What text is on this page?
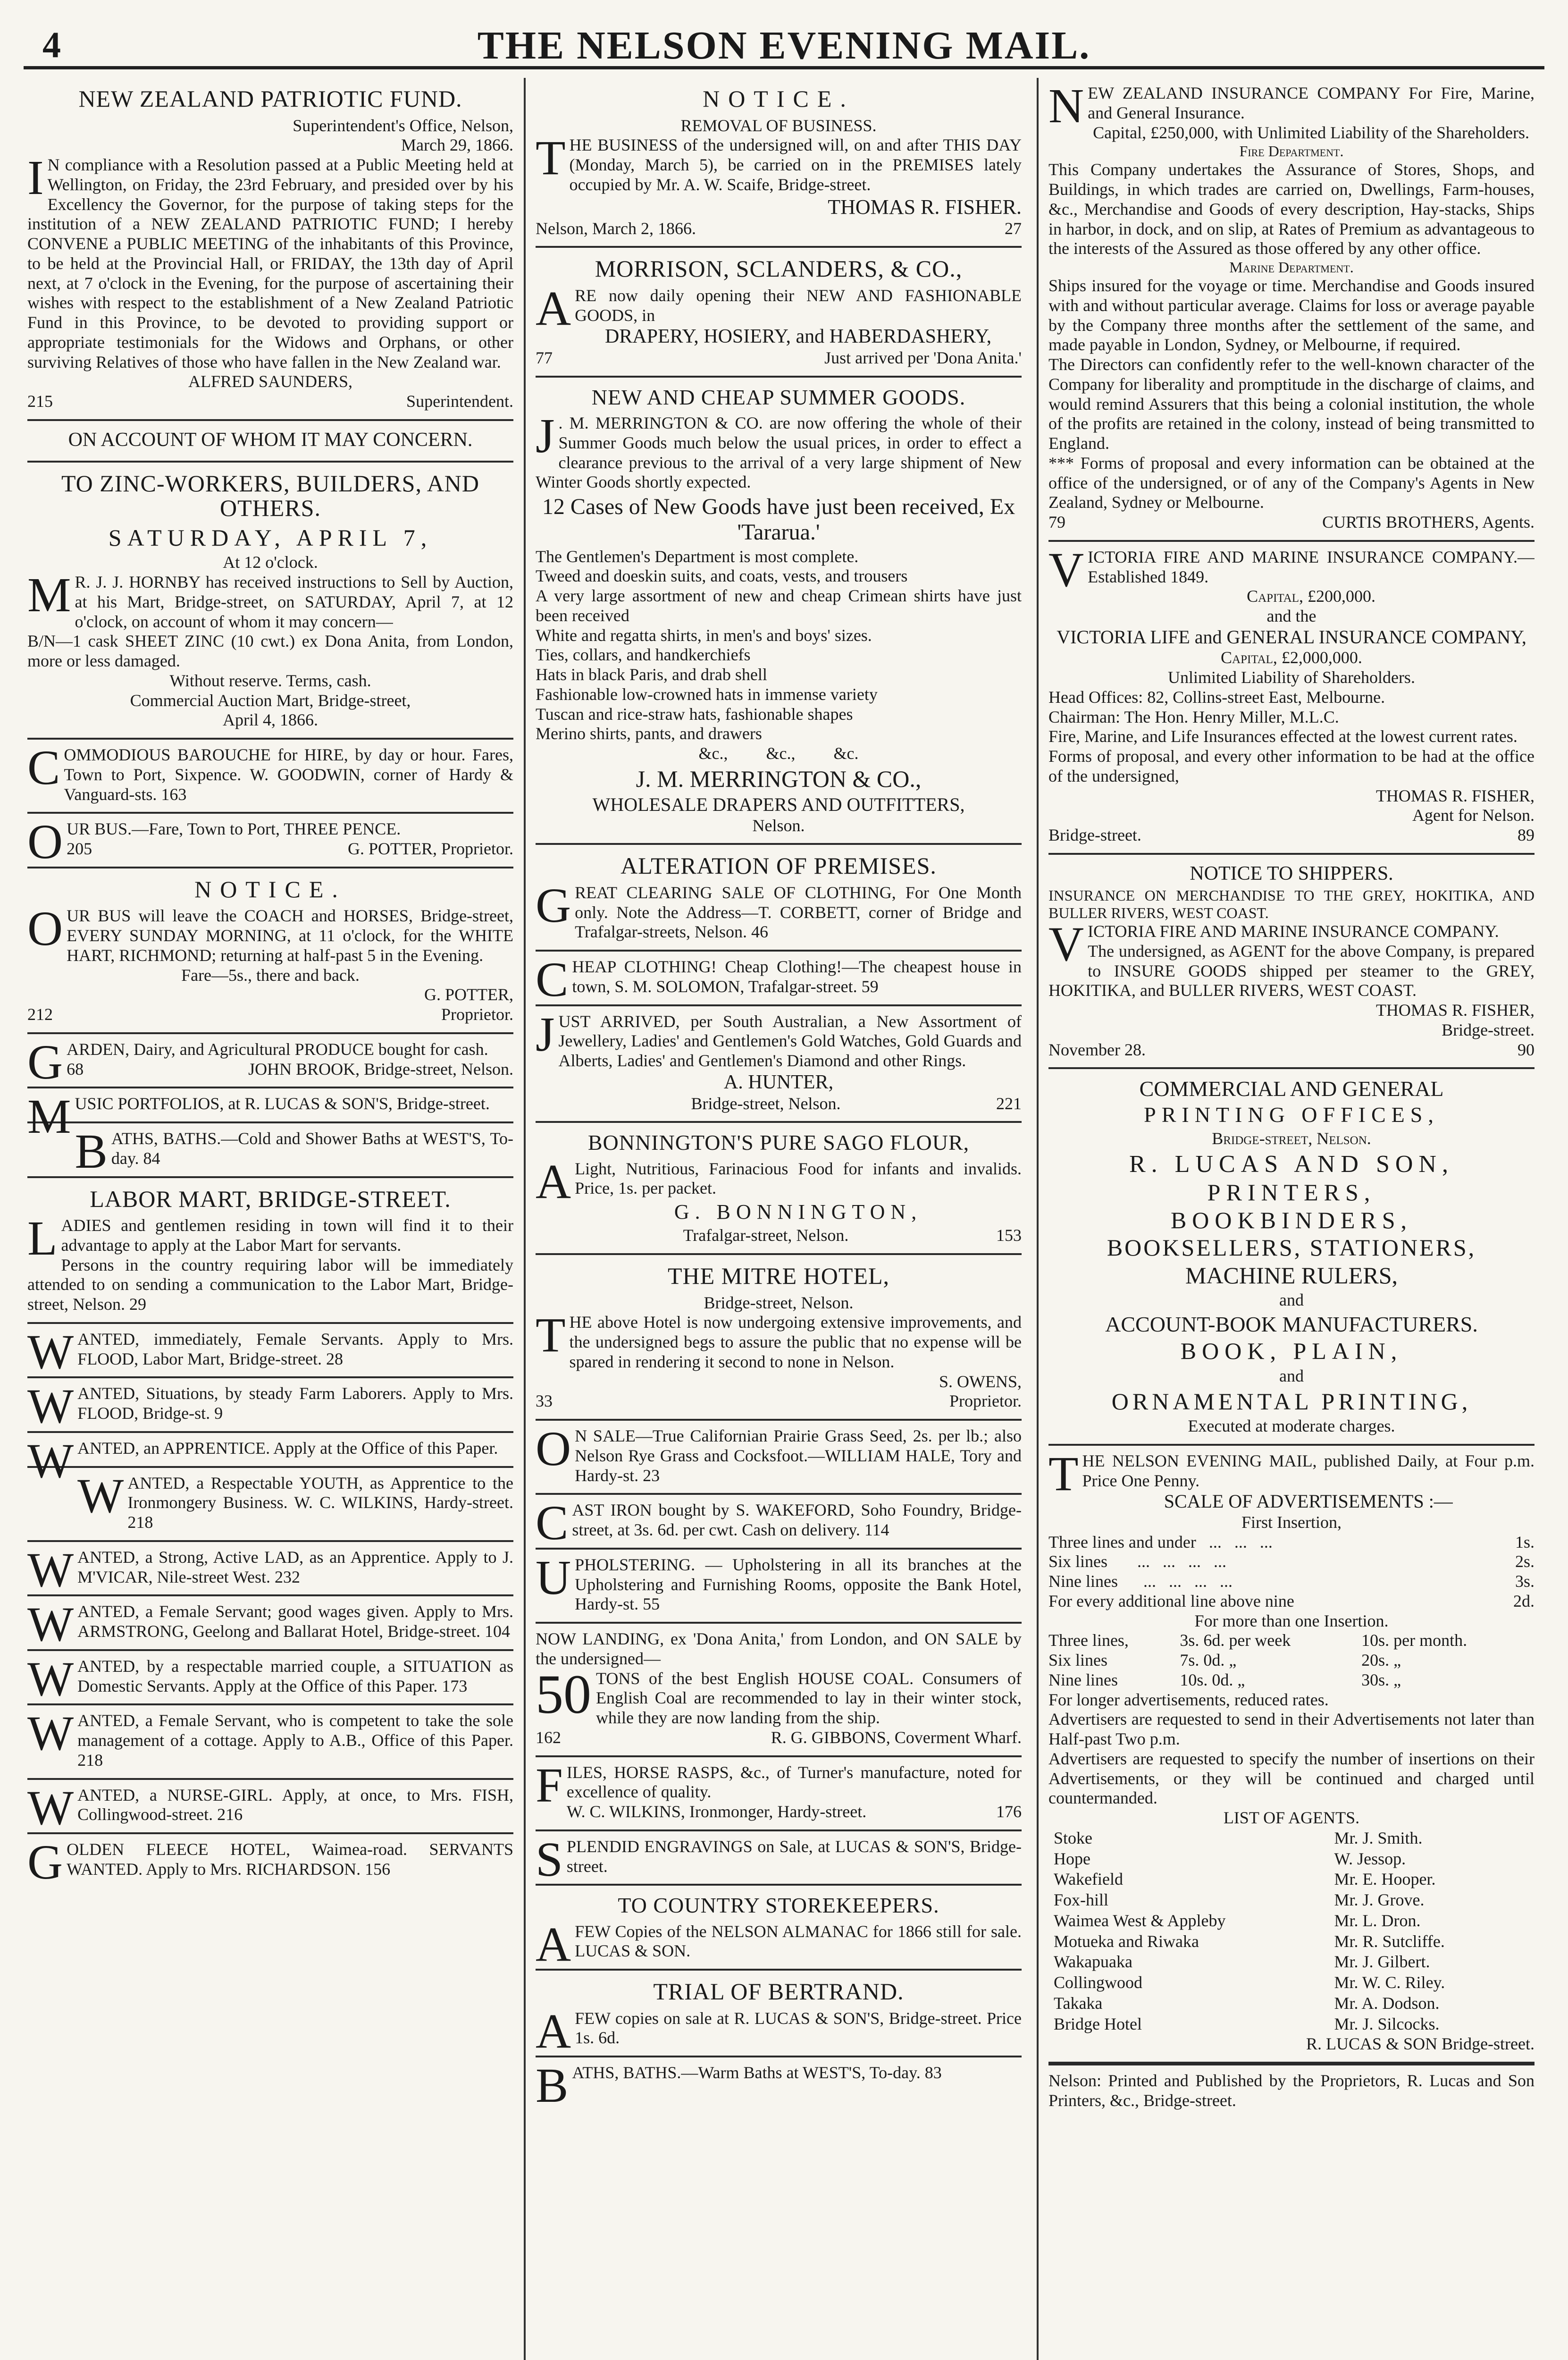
4	THE NELSON EVENING MAIL.
NEW ZEALAND PATRIOTIC FUND.

Superintendent's Office, Nelson,

March 29, 1866.

I N compliance with a Resolution passed at a Public Meeting held at Wellington, on Friday, the 23rd February, and presided over by his Excellency the Governor, for the purpose of taking steps for the institution of a NEW ZEALAND PATRIOTIC FUND; I hereby CONVENE a PUBLIC MEETING of the inhabitants of this Province, to be held at the Provincial Hall, or FRIDAY, the 13th day of April next, at 7 o'clock in the Evening, for the purpose of ascertaining their wishes with respect to the establishment of a New Zealand Patriotic Fund in this Province, to be devoted to providing support or appropriate testimonials for the Widows and Orphans, or other surviving Relatives of those who have fallen in the New Zealand war.

ALFRED SAUNDERS,

215	Superintendent.
ON ACCOUNT OF WHOM IT MAY CONCERN.
TO ZINC-WORKERS, BUILDERS, AND OTHERS.
SATURDAY, APRIL 7,

At 12 o'clock.

M R. J. J. HORNBY has received instructions to Sell by Auction, at his Mart, Bridge-street, on SATURDAY, April 7, at 12 o'clock, on account of whom it may concern—

B/N—1 cask SHEET ZINC (10 cwt.) ex Dona Anita, from London, more or less damaged.

Without reserve. Terms, cash.

Commercial Auction Mart, Bridge-street,

April 4, 1866.

COMMODIOUS BAROUCHE for HIRE, by day or hour. Fares, Town to Port, Sixpence. W. GOODWIN, corner of Hardy & Vanguard-sts. 163

OUR BUS.—Fare, Town to Port, THREE PENCE.

205	G. POTTER, Proprietor.
NOTICE.

OUR BUS will leave the COACH and HORSES, Bridge-street, EVERY SUNDAY MORNING, at 11 o'clock, for the WHITE HART, RICHMOND; returning at half-past 5 in the Evening.

Fare—5s., there and back.

G. POTTER,

212	Proprietor.

GARDEN, Dairy, and Agricultural PRODUCE bought for cash.

68	JOHN BROOK, Bridge-street, Nelson.

MUSIC PORTFOLIOS, at R. LUCAS & SON'S, Bridge-street.

BATHS, BATHS.—Cold and Shower Baths at WEST'S, To-day. 84

LABOR MART, BRIDGE-STREET.

LADIES and gentlemen residing in town will find it to their advantage to apply at the Labor Mart for servants.

Persons in the country requiring labor will be immediately attended to on sending a communication to the Labor Mart, Bridge-street, Nelson. 29

WANTED, immediately, Female Servants. Apply to Mrs. FLOOD, Labor Mart, Bridge-street. 28

WANTED, Situations, by steady Farm Laborers. Apply to Mrs. FLOOD, Bridge-st. 9

WANTED, an APPRENTICE. Apply at the Office of this Paper.

WANTED, a Respectable YOUTH, as Apprentice to the Ironmongery Business. W. C. WILKINS, Hardy-street. 218

WANTED, a Strong, Active LAD, as an Apprentice. Apply to J. M'VICAR, Nile-street West. 232

WANTED, a Female Servant; good wages given. Apply to Mrs. ARMSTRONG, Geelong and Ballarat Hotel, Bridge-street. 104

WANTED, by a respectable married couple, a SITUATION as Domestic Servants. Apply at the Office of this Paper. 173

WANTED, a Female Servant, who is competent to take the sole management of a cottage. Apply to A.B., Office of this Paper. 218

WANTED, a NURSE-GIRL. Apply, at once, to Mrs. FISH, Collingwood-street. 216

GOLDEN FLEECE HOTEL, Waimea-road. SERVANTS WANTED. Apply to Mrs. RICHARDSON. 156

NOTICE.

REMOVAL OF BUSINESS.

THE BUSINESS of the undersigned will, on and after THIS DAY (Monday, March 5), be carried on in the PREMISES lately occupied by Mr. A. W. Scaife, Bridge-street.

THOMAS R. FISHER.

Nelson, March 2, 1866.	27
MORRISON, SCLANDERS, & CO.,

ARE now daily opening their NEW AND FASHIONABLE GOODS, in

DRAPERY, HOSIERY, and HABERDASHERY,

77	Just arrived per 'Dona Anita.'
NEW AND CHEAP SUMMER GOODS.

J . M. MERRINGTON & CO. are now offering the whole of their Summer Goods much below the usual prices, in order to effect a clearance previous to the arrival of a very large shipment of New Winter Goods shortly expected.

12 Cases of New Goods have just been received, Ex 'Tararua.'

The Gentlemen's Department is most complete.

Tweed and doeskin suits, and coats, vests, and trousers

A very large assortment of new and cheap Crimean shirts have just been received

White and regatta shirts, in men's and boys' sizes.

Ties, collars, and handkerchiefs

Hats in black Paris, and drab shell

Fashionable low-crowned hats in immense variety

Tuscan and rice-straw hats, fashionable shapes

Merino shirts, pants, and drawers

&c.,         &c.,         &c.

J. M. MERRINGTON & CO.,

WHOLESALE DRAPERS AND OUTFITTERS,

Nelson.

ALTERATION OF PREMISES.

GREAT CLEARING SALE OF CLOTHING, For One Month only. Note the Address—T. CORBETT, corner of Bridge and Trafalgar-streets, Nelson. 46

CHEAP CLOTHING! Cheap Clothing!—The cheapest house in town, S. M. SOLOMON, Trafalgar-street. 59

JUST ARRIVED, per South Australian, a New Assortment of Jewellery, Ladies' and Gentlemen's Gold Watches, Gold Guards and Alberts, Ladies' and Gentlemen's Diamond and other Rings.

A. HUNTER,

Bridge-street, Nelson.	221
BONNINGTON'S PURE SAGO FLOUR,

A Light, Nutritious, Farinacious Food for infants and invalids. Price, 1s. per packet.

G. BONNINGTON,
Trafalgar-street, Nelson.	153
THE MITRE HOTEL,

Bridge-street, Nelson.

THE above Hotel is now undergoing extensive improvements, and the undersigned begs to assure the public that no expense will be spared in rendering it second to none in Nelson.

S. OWENS,

33	Proprietor.

O N SALE—True Californian Prairie Grass Seed, 2s. per lb.; also Nelson Rye Grass and Cocksfoot.—WILLIAM HALE, Tory and Hardy-st. 23

CAST IRON bought by S. WAKEFORD, Soho Foundry, Bridge-street, at 3s. 6d. per cwt. Cash on delivery. 114

UPHOLSTERING. — Upholstering in all its branches at the Upholstering and Furnishing Rooms, opposite the Bank Hotel, Hardy-st. 55

NOW LANDING, ex 'Dona Anita,' from London, and ON SALE by the undersigned—

50 TONS of the best English HOUSE COAL. Consumers of English Coal are recommended to lay in their winter stock, while they are now landing from the ship.

162	R. G. GIBBONS, Coverment Wharf.

FILES, HORSE RASPS, &c., of Turner's manufacture, noted for excellence of quality.

W. C. WILKINS, Ironmonger, Hardy-street.	176

SPLENDID ENGRAVINGS on Sale, at LUCAS & SON'S, Bridge-street.

TO COUNTRY STOREKEEPERS.

AFEW Copies of the NELSON ALMANAC for 1866 still for sale. LUCAS & SON.

TRIAL OF BERTRAND.

AFEW copies on sale at R. LUCAS & SON'S, Bridge-street. Price 1s. 6d.

BATHS, BATHS.—Warm Baths at WEST'S, To-day. 83

NEW ZEALAND INSURANCE COMPANY For Fire, Marine, and General Insurance.

Capital, £250,000, with Unlimited Liability of the Shareholders.

Fire Department.

This Company undertakes the Assurance of Stores, Shops, and Buildings, in which trades are carried on, Dwellings, Farm-houses, &c., Merchandise and Goods of every description, Hay-stacks, Ships in harbor, in dock, and on slip, at Rates of Premium as advantageous to the interests of the Assured as those offered by any other office.

Marine Department.

Ships insured for the voyage or time. Merchandise and Goods insured with and without particular average. Claims for loss or average payable by the Company three months after the settlement of the same, and made payable in London, Sydney, or Melbourne, if required.

The Directors can confidently refer to the well-known character of the Company for liberality and promptitude in the discharge of claims, and would remind Assurers that this being a colonial institution, the whole of the profits are retained in the colony, instead of being transmitted to England.

*** Forms of proposal and every information can be obtained at the office of the undersigned, or of any of the Company's Agents in New Zealand, Sydney or Melbourne.

79	CURTIS BROTHERS, Agents.

VICTORIA FIRE AND MARINE INSURANCE COMPANY.—Established 1849.

Capital, £200,000.

and the

VICTORIA LIFE and GENERAL INSURANCE COMPANY,

Capital, £2,000,000.

Unlimited Liability of Shareholders.

Head Offices: 82, Collins-street East, Melbourne.

Chairman: The Hon. Henry Miller, M.L.C.

Fire, Marine, and Life Insurances effected at the lowest current rates.

Forms of proposal, and every other information to be had at the office of the undersigned,

THOMAS R. FISHER,

Agent for Nelson.

Bridge-street.	89
NOTICE TO SHIPPERS.

INSURANCE ON MERCHANDISE TO THE GREY, HOKITIKA, AND BULLER RIVERS, WEST COAST.

VICTORIA FIRE AND MARINE INSURANCE COMPANY.

The undersigned, as AGENT for the above Company, is prepared to INSURE GOODS shipped per steamer to the GREY, HOKITIKA, and BULLER RIVERS, WEST COAST.

THOMAS R. FISHER,

Bridge-street.

November 28.	90
COMMERCIAL AND GENERAL
PRINTING OFFICES,

Bridge-street, Nelson.

R. LUCAS AND SON,
PRINTERS,
BOOKBINDERS,
BOOKSELLERS, STATIONERS,
MACHINE RULERS,

and

ACCOUNT-BOOK MANUFACTURERS.
BOOK, PLAIN,

and

ORNAMENTAL PRINTING,

Executed at moderate charges.

THE NELSON EVENING MAIL, published Daily, at Four p.m. Price One Penny.

SCALE OF ADVERTISEMENTS :—

First Insertion,

Three lines and under   ...   ...   ...	1s.
Six lines       ...   ...   ...   ...	2s.
Nine lines      ...   ...   ...   ...	3s.
For every additional line above nine	2d.

For more than one Insertion.

Three lines,	3s. 6d. per week	10s. per month.
Six lines	7s. 0d. „	20s. „
Nine lines	10s. 0d. „	30s. „

For longer advertisements, reduced rates.

Advertisers are requested to send in their Advertisements not later than Half-past Two p.m.

Advertisers are requested to specify the number of insertions on their Advertisements, or they will be continued and charged until countermanded.

LIST OF AGENTS.

Stoke	Mr. J. Smith.
Hope	W. Jessop.
Wakefield	Mr. E. Hooper.
Fox-hill	Mr. J. Grove.
Waimea West & Appleby	Mr. L. Dron.
Motueka and Riwaka	Mr. R. Sutcliffe.
Wakapuaka	Mr. J. Gilbert.
Collingwood	Mr. W. C. Riley.
Takaka	Mr. A. Dodson.
Bridge Hotel	Mr. J. Silcocks.

R. LUCAS & SON Bridge-street.

Nelson: Printed and Published by the Proprietors, R. Lucas and Son Printers, &c., Bridge-street.
